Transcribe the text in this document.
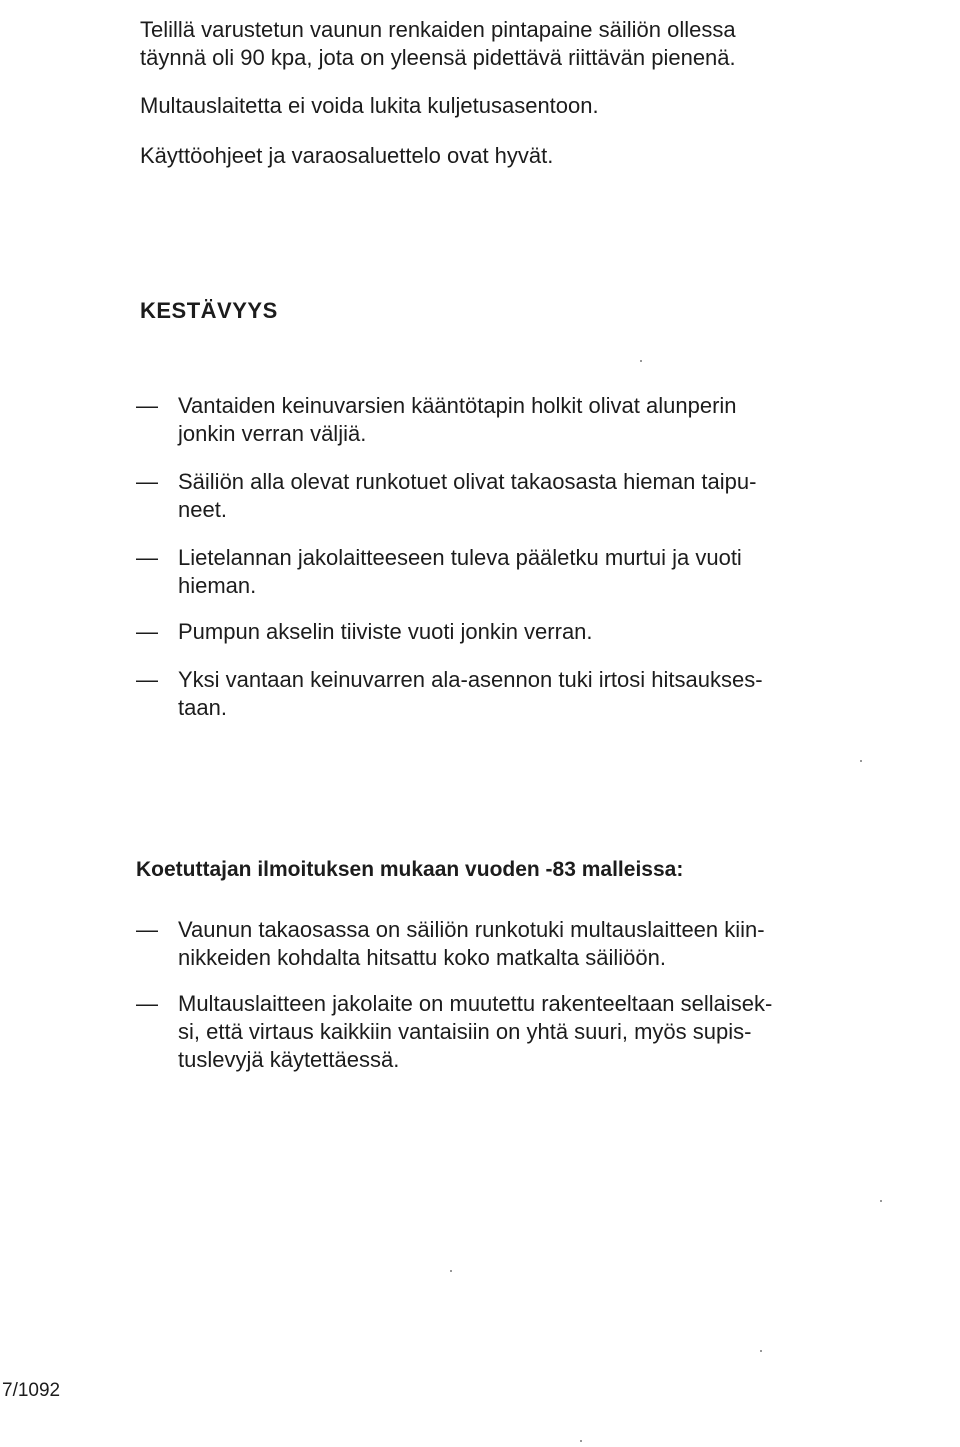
Telillä varustetun vaunun renkaiden pintapaine säiliön ollessa
täynnä oli 90 kpa, jota on yleensä pidettävä riittävän pienenä.
Multauslaitetta ei voida lukita kuljetusasentoon.
Käyttöohjeet ja varaosaluettelo ovat hyvät.
KESTÄVYYS
— Vantaiden keinuvarsien kääntötapin holkit olivat alunperin
jonkin verran väljiä.
— Säiliön alla olevat runkotuet olivat takaosasta hieman taipu-
neet.
— Lietelannan jakolaitteeseen tuleva pääletku murtui ja vuoti
hieman.
— Pumpun akselin tiiviste vuoti jonkin verran.
— Yksi vantaan keinuvarren ala-asennon tuki irtosi hitsaukses-
taan.
Koetuttajan ilmoituksen mukaan vuoden -83 malleissa:
— Vaunun takaosassa on säiliön runkotuki multauslaitteen kiin-
nikkeiden kohdalta hitsattu koko matkalta säiliöön.
— Multauslaitteen jakolaite on muutettu rakenteeltaan sellaisek-
si, että virtaus kaikkiin vantaisiin on yhtä suuri, myös supis-
tuslevyjä käytettäessä.
7/1092
